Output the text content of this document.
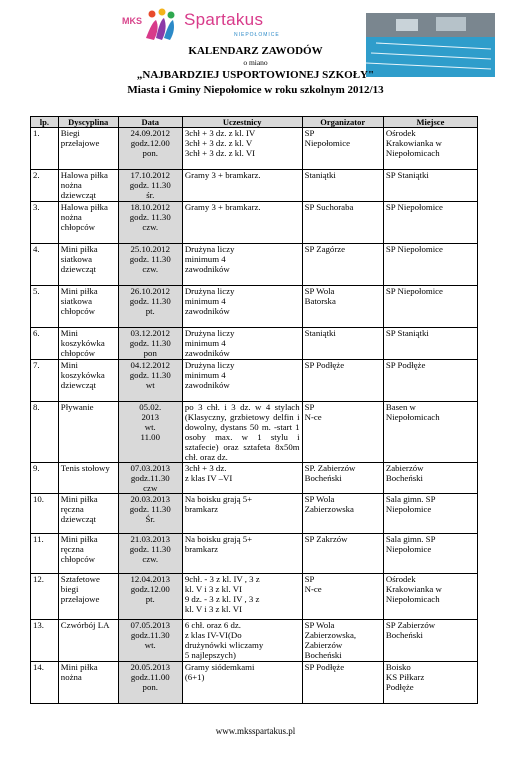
MKS Spartakus
NIEPOŁOMICE
KALENDARZ ZAWODÓW
o miano
„NAJBARDZIEJ USPORTOWIONEJ SZKOŁY"
Miasta i Gminy Niepołomice w roku szkolnym 2012/13
lp.	Dyscyplina	Data	Uczestnicy	Organizator	Miejsce
1.	Biegi
przełajowe	24.09.2012
godz.12.00
pon.	3chł + 3 dz. z kl. IV
3chł + 3 dz. z kl. V
3chł + 3 dz. z kl. VI	SP
Niepołomice	Ośrodek
Krakowianka w
Niepołomicach
2.	Halowa piłka
nożna
dziewcząt	17.10.2012
godz. 11.30
śr.	Gramy 3 + bramkarz.	Staniątki	SP Staniątki
3.	Halowa piłka
nożna
chłopców	18.10.2012
godz. 11.30
czw.	Gramy 3 + bramkarz.	SP Suchoraba	SP Niepołomice
4.	Mini piłka
siatkowa
dziewcząt	25.10.2012
godz. 11.30
czw.	Drużyna liczy
minimum 4
zawodników	SP Zagórze	SP Niepołomice
5.	Mini piłka
siatkowa
chłopców	26.10.2012
godz. 11.30
pt.	Drużyna liczy
minimum 4
zawodników	SP Wola
Batorska	SP Niepołomice
6.	Mini
koszykówka
chłopców	03.12.2012
godz. 11.30
pon	Drużyna liczy
minimum 4
zawodników	Staniątki	SP Staniątki
7.	Mini
koszykówka
dziewcząt	04.12.2012
godz. 11.30
wt	Drużyna liczy
minimum 4
zawodników	SP Podłęże	SP Podłęże
8.	Pływanie	05.02.
2013
wt.
11.00	po 3 chł. i 3 dz. w 4 stylach (Klasyczny, grzbietowy delfin i dowolny, dystans 50 m. -start 1 osoby max. w 1 stylu i sztafecie) oraz sztafeta 8x50m chł. oraz dz.	SP
N-ce	Basen w
Niepołomicach
9.	Tenis stołowy	07.03.2013
godz.11.30
czw	3chł + 3 dz.
z klas IV –VI	SP. Zabierzów
Bocheński	Zabierzów
Bocheński
10.	Mini piłka
ręczna
dziewcząt	20.03.2013
godz. 11.30
Śr.	Na boisku grają 5+
bramkarz	SP Wola
Zabierzowska	Sala gimn. SP
Niepołomice
11.	Mini piłka
ręczna
chłopców	21.03.2013
godz. 11.30
czw.	Na boisku grają 5+
bramkarz	SP Zakrzów	Sala gimn. SP
Niepołomice
12.	Sztafetowe
biegi
przełajowe	12.04.2013
godz.12.00
pt.	9chł. - 3 z kl. IV , 3 z
kl. V i 3 z kl. VI
9 dz. - 3 z kl. IV , 3 z
kl. V i 3 z kl. VI	SP
N-ce	Ośrodek
Krakowianka w
Niepołomicach
13.	Czwórbój LA	07.05.2013
godz.11.30
wt.	6 chł. oraz 6 dz.
z klas IV-VI(Do
drużynówki wliczamy
5 najlepszych)	SP Wola
Zabierzowska,
Zabierzów
Bocheński	SP Zabierzów
Bocheński
14.	Mini piłka
nożna	20.05.2013
godz.11.00
pon.	Gramy siódemkami
(6+1)	SP Podłęże	Boisko
KS Piłkarz
Podłęże
www.mksspartakus.pl
